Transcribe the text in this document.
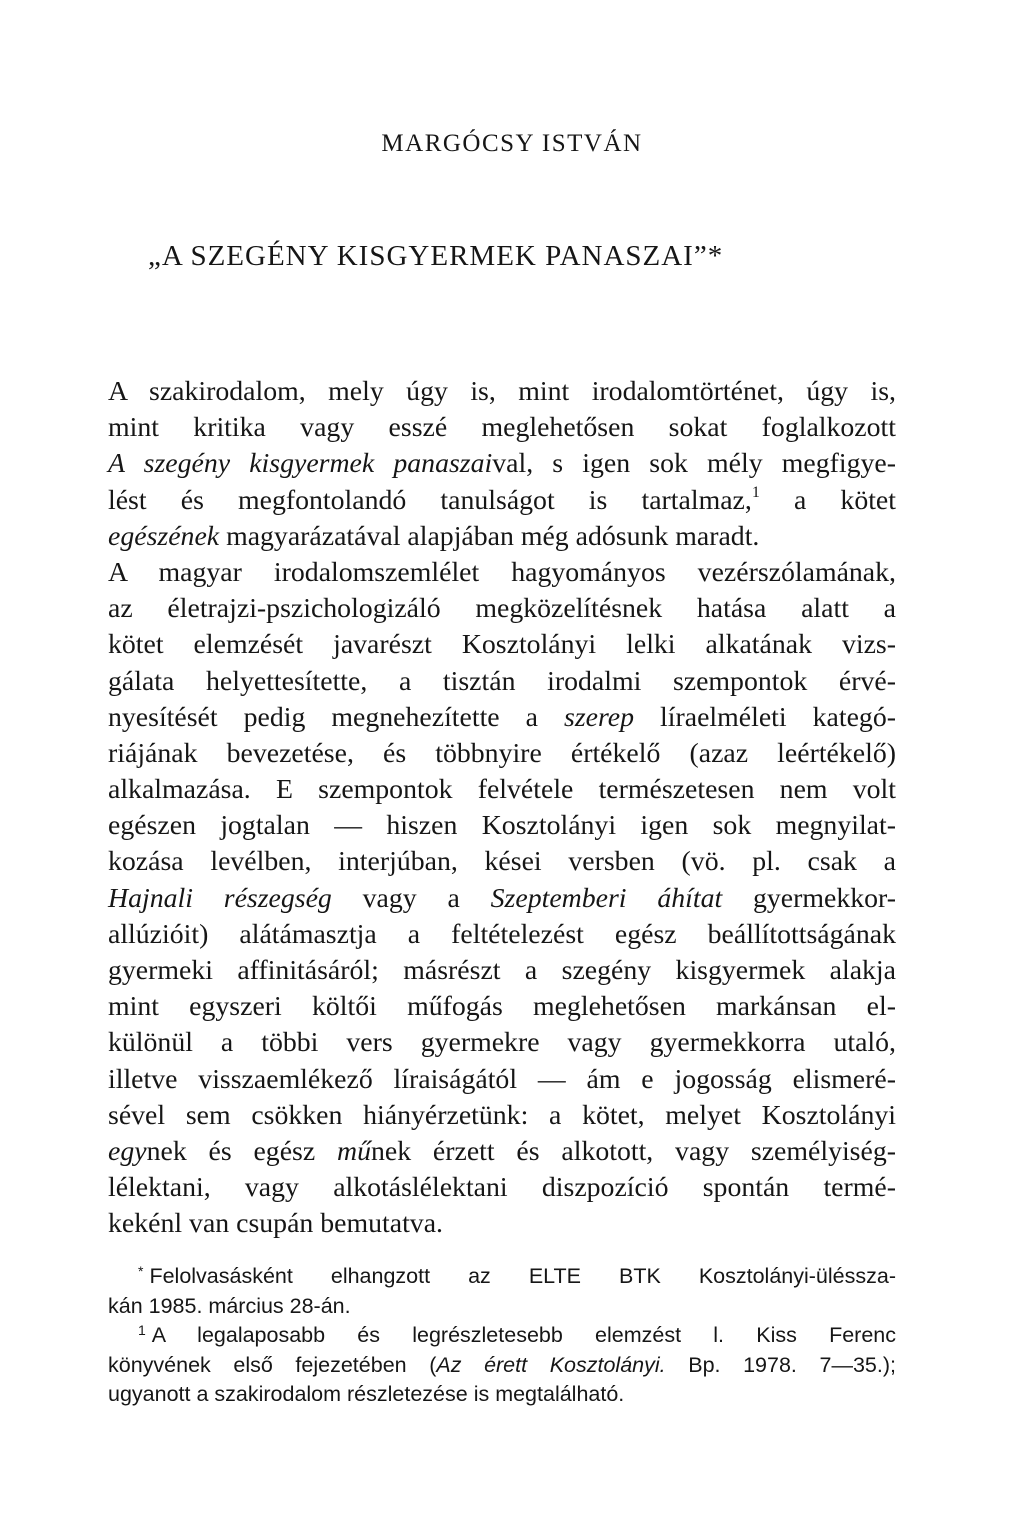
MARGÓCSY ISTVÁN
„A SZEGÉNY KISGYERMEK PANASZAI”*
A szakirodalom, mely úgy is, mint irodalomtörténet, úgy is,
mint kritika vagy esszé meglehetősen sokat foglalkozott
A szegény kisgyermek panaszaival, s igen sok mély megfigye-
lést és megfontolandó tanulságot is tartalmaz,$^1$ a kötet
egészének magyarázatával alapjában még adósunk maradt.
A magyar irodalomszemlélet hagyományos vezérszólamának,
az életrajzi-pszichologizáló megközelítésnek hatása alatt a
kötet elemzését javarészt Kosztolányi lelki alkatának vizs-
gálata helyettesítette, a tisztán irodalmi szempontok érvé-
nyesítését pedig megnehezítette a szerep líraelméleti kategó-
riájának bevezetése, és többnyire értékelő (azaz leértékelő)
alkalmazása. E szempontok felvétele természetesen nem volt
egészen jogtalan — hiszen Kosztolányi igen sok megnyilat-
kozása levélben, interjúban, kései versben (vö. pl. csak a
Hajnali részegség vagy a Szeptemberi áhítat gyermekkor-
allúzióit) alátámasztja a feltételezést egész beállítottságának
gyermeki affinitásáról; másrészt a szegény kisgyermek alakja
mint egyszeri költői műfogás meglehetősen markánsan el-
különül a többi vers gyermekre vagy gyermekkorra utaló,
illetve visszaemlékező líraiságától — ám e jogosság elismeré-
sével sem csökken hiányérzetünk: a kötet, melyet Kosztolányi
egynek és egész műnek érzett és alkotott, vagy személyiség-
lélektani, vagy alkotáslélektani diszpozíció spontán termé-
kekénl van csupán bemutatva.
* Felolvasásként elhangzott az ELTE BTK Kosztolányi-ülésszа-
kán 1985. március 28-án.
$^1$ A legalaposabb és legrészletesebb elemzést l. Kiss Ferenc
könyvének első fejezetében (Az érett Kosztolányi. Bp. 1978. 7—35.);
ugyanott a szakirodalom részletezése is megtalálható.
